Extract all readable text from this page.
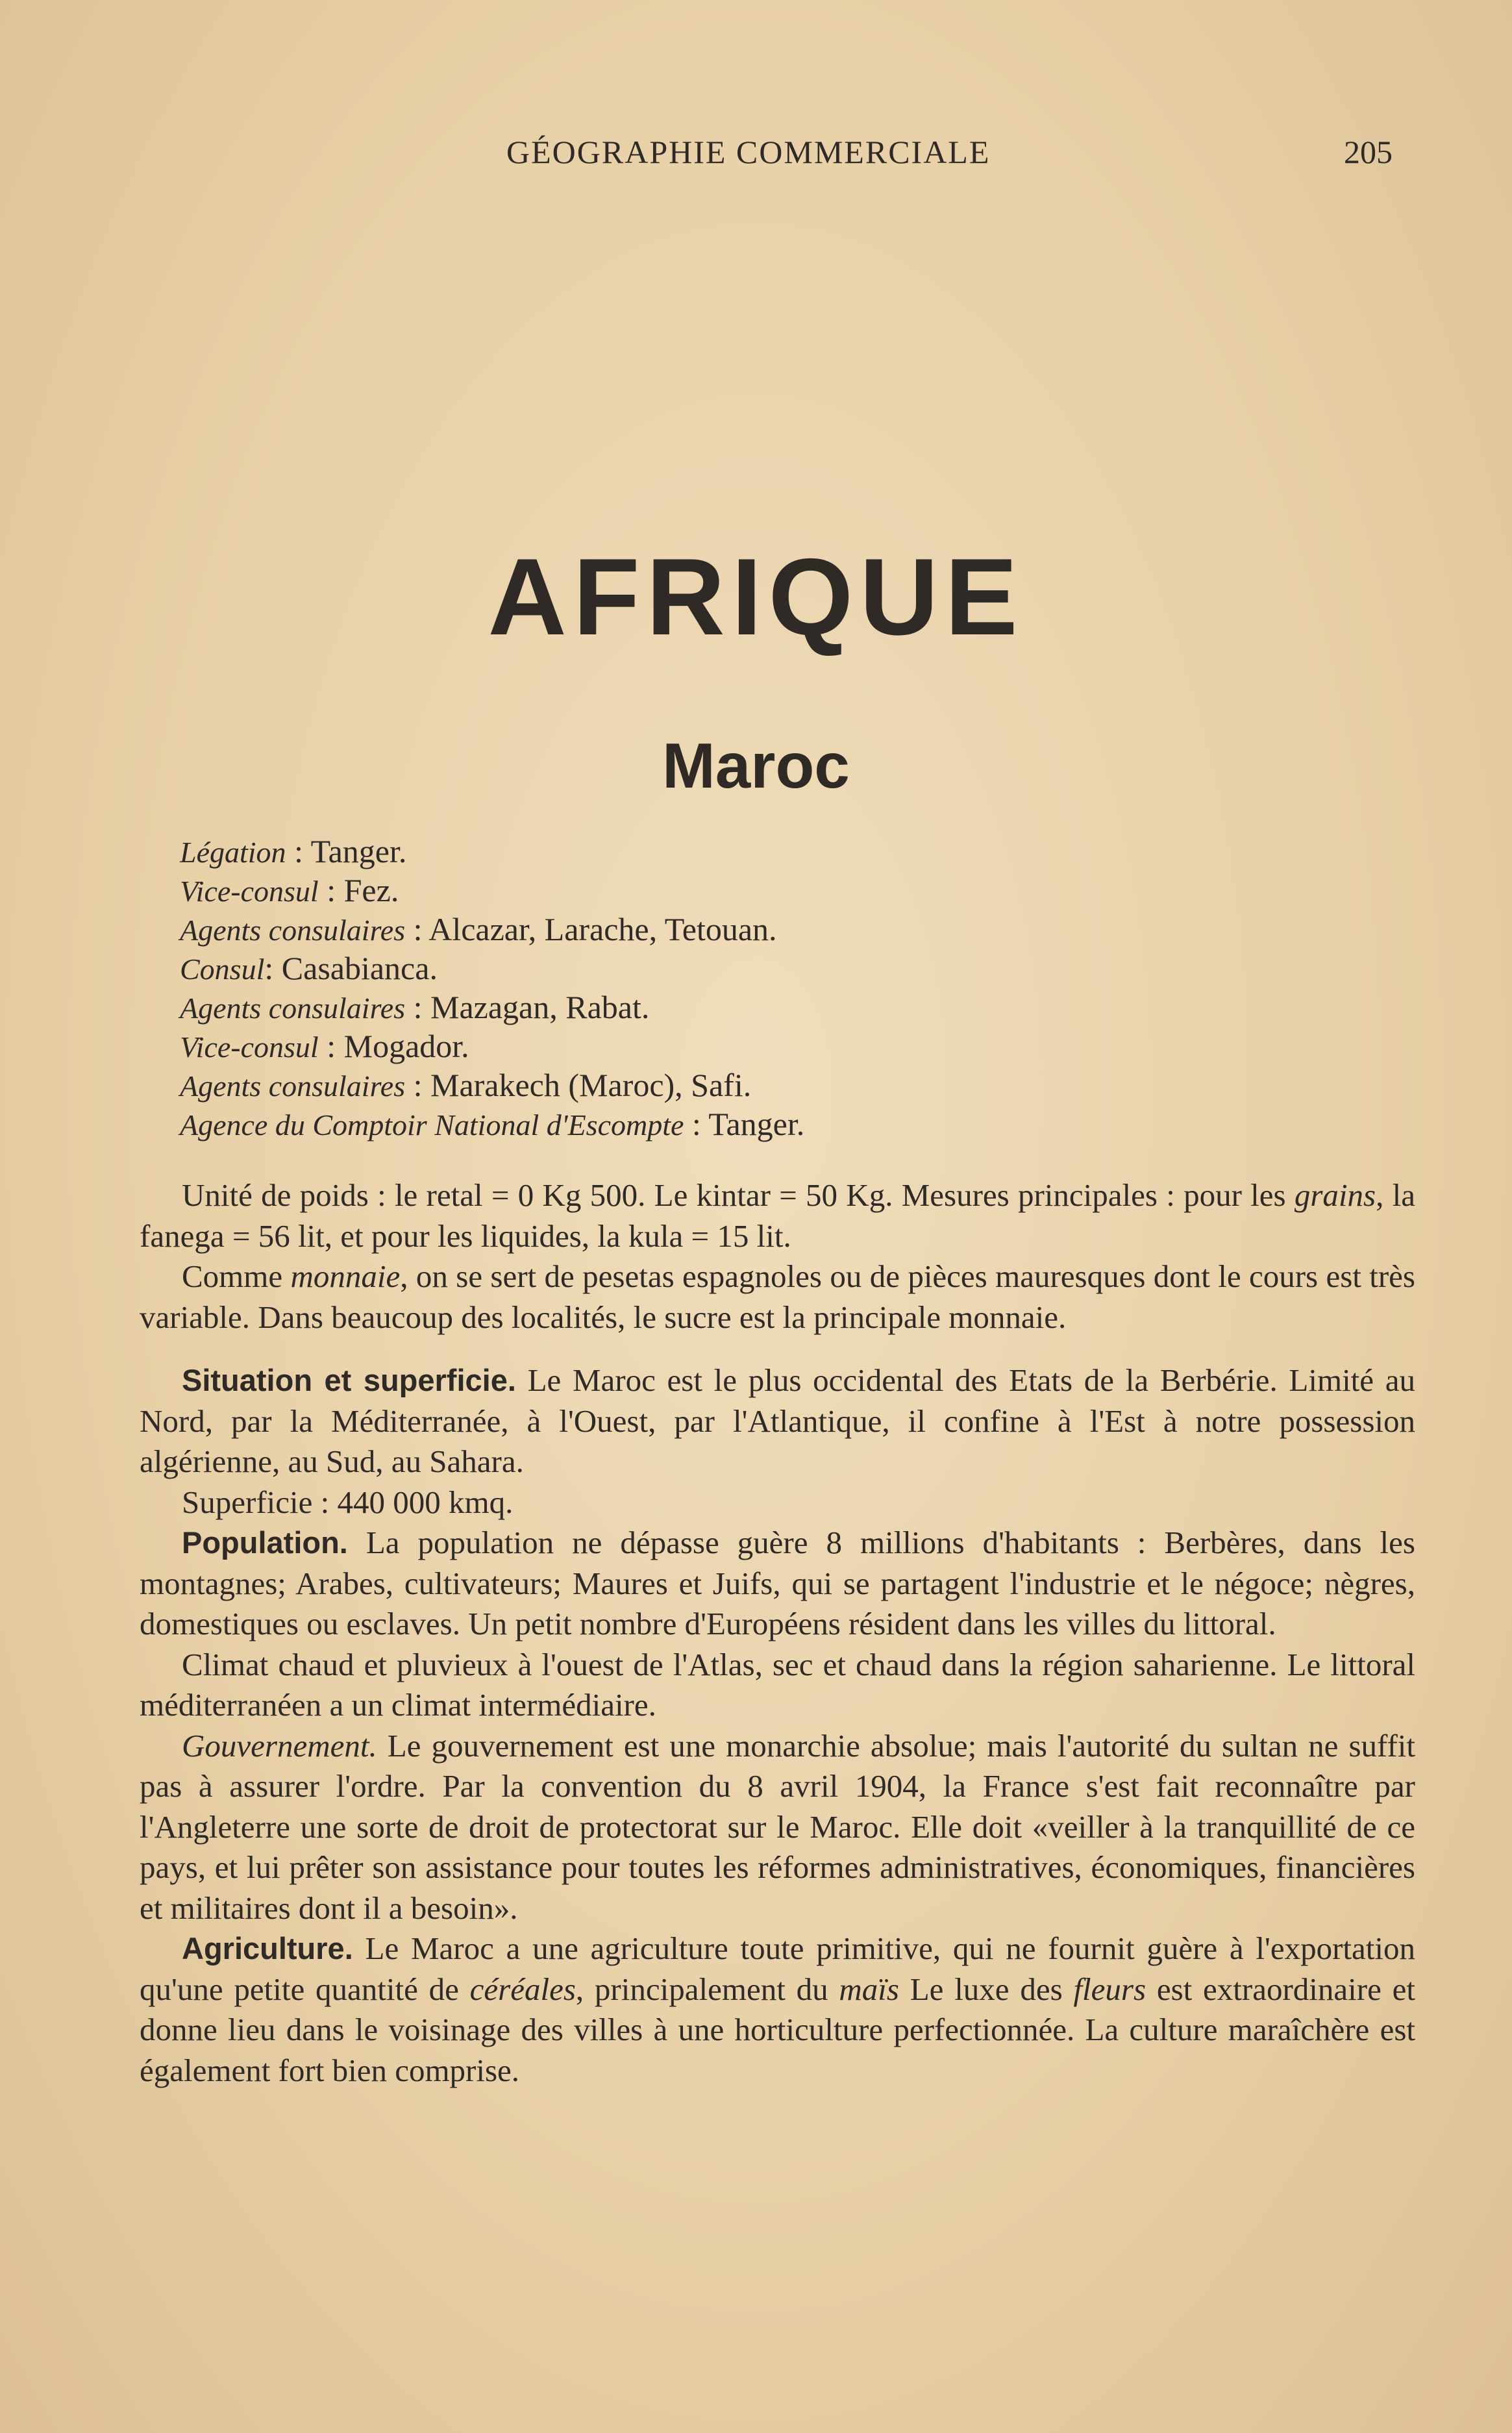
GÉOGRAPHIE COMMERCIALE	205
AFRIQUE
Maroc
Légation : Tanger.
Vice-consul : Fez.
Agents consulaires : Alcazar, Larache, Tetouan.
Consul: Casabianca.
Agents consulaires : Mazagan, Rabat.
Vice-consul : Mogador.
Agents consulaires : Marakech (Maroc), Safi.
Agence du Comptoir National d'Escompte : Tanger.

Unité de poids : le retal = 0 Kg 500. Le kintar = 50 Kg. Mesures principales : pour les grains, la fanega = 56 lit, et pour les liquides, la kula = 15 lit.

Comme monnaie, on se sert de pesetas espagnoles ou de pièces mauresques dont le cours est très variable. Dans beaucoup des localités, le sucre est la principale monnaie.

Situation et superficie. Le Maroc est le plus occidental des Etats de la Berbérie. Limité au Nord, par la Méditerranée, à l'Ouest, par l'Atlantique, il confine à l'Est à notre possession algérienne, au Sud, au Sahara.

Superficie : 440 000 kmq.

Population. La population ne dépasse guère 8 millions d'habitants : Berbères, dans les montagnes; Arabes, cultivateurs; Maures et Juifs, qui se partagent l'industrie et le négoce; nègres, domestiques ou esclaves. Un petit nombre d'Européens résident dans les villes du littoral.

Climat chaud et pluvieux à l'ouest de l'Atlas, sec et chaud dans la région saharienne. Le littoral méditerranéen a un climat intermédiaire.

Gouvernement. Le gouvernement est une monarchie absolue; mais l'autorité du sultan ne suffit pas à assurer l'ordre. Par la convention du 8 avril 1904, la France s'est fait reconnaître par l'Angleterre une sorte de droit de protectorat sur le Maroc. Elle doit «veiller à la tranquillité de ce pays, et lui prêter son assistance pour toutes les réformes administratives, économiques, financières et militaires dont il a besoin».

Agriculture. Le Maroc a une agriculture toute primitive, qui ne fournit guère à l'exportation qu'une petite quantité de céréales, principalement du maïs Le luxe des fleurs est extraordinaire et donne lieu dans le voisinage des villes à une horticulture perfectionnée. La culture maraîchère est également fort bien comprise.
